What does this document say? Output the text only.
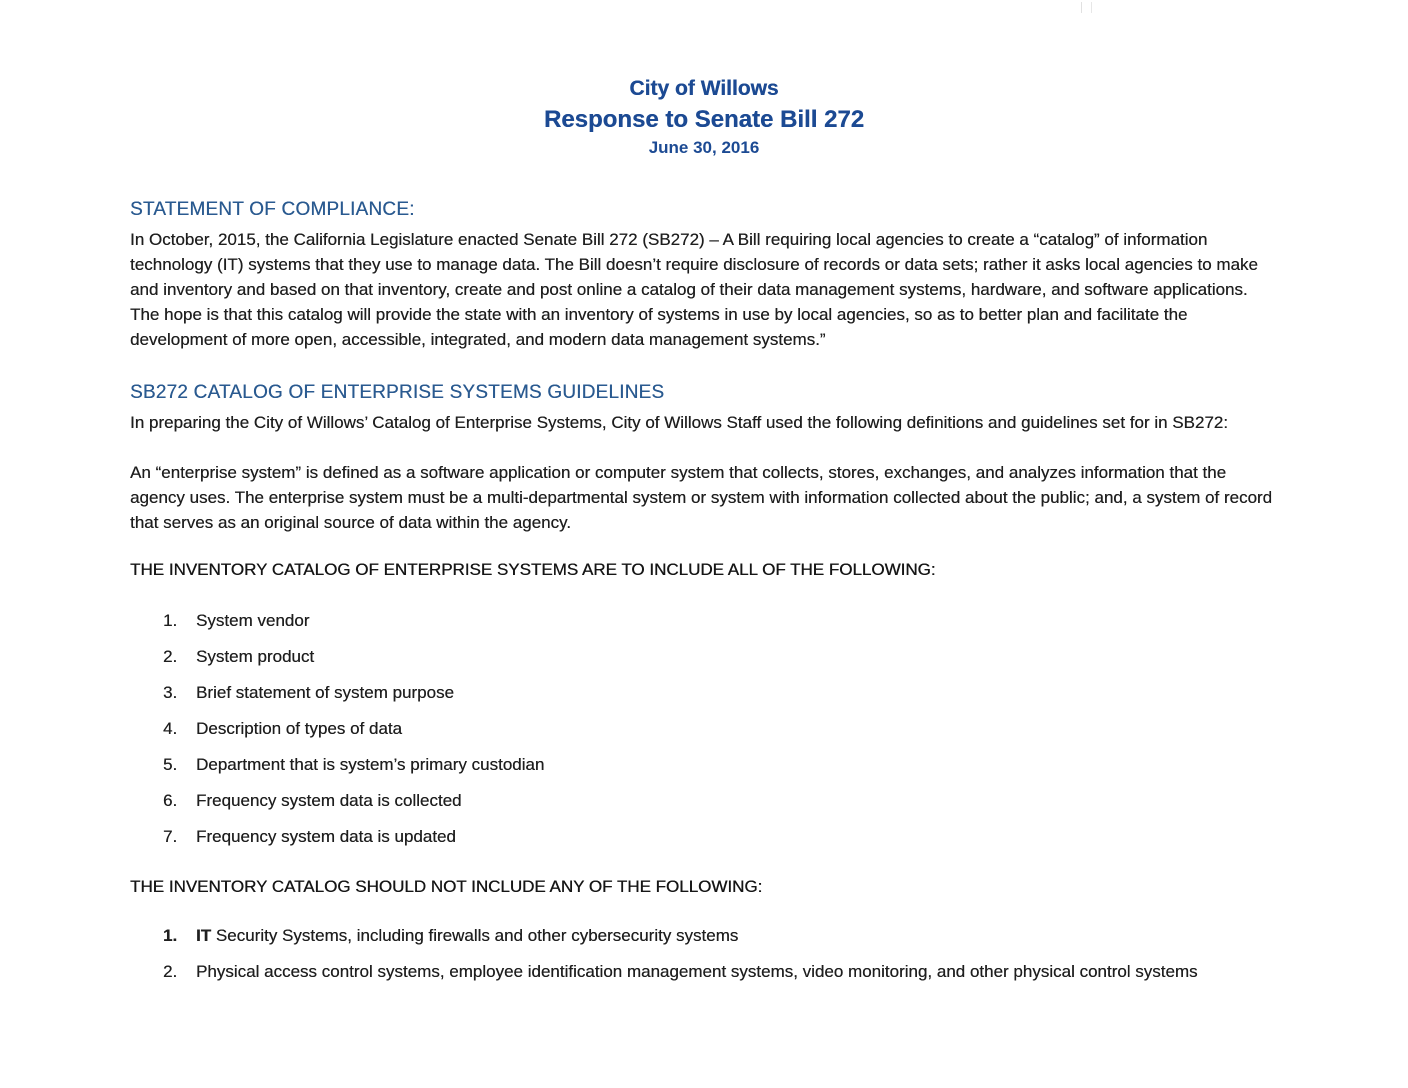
City of Willows
Response to Senate Bill 272
June 30, 2016
STATEMENT OF COMPLIANCE:

In October, 2015, the California Legislature enacted Senate Bill 272 (SB272) – A Bill requiring local agencies to create a “catalog” of information technology (IT) systems that they use to manage data. The Bill doesn’t require disclosure of records or data sets; rather it asks local agencies to make and inventory and based on that inventory, create and post online a catalog of their data management systems, hardware, and software applications. The hope is that this catalog will provide the state with an inventory of systems in use by local agencies, so as to better plan and facilitate the development of more open, accessible, integrated, and modern data management systems.”

SB272 CATALOG OF ENTERPRISE SYSTEMS GUIDELINES

In preparing the City of Willows’ Catalog of Enterprise Systems, City of Willows Staff used the following definitions and guidelines set for in SB272:

An “enterprise system” is defined as a software application or computer system that collects, stores, exchanges, and analyzes information that the agency uses. The enterprise system must be a multi-departmental system or system with information collected about the public; and, a system of record that serves as an original source of data within the agency.

THE INVENTORY CATALOG OF ENTERPRISE SYSTEMS ARE TO INCLUDE ALL OF THE FOLLOWING:

1.	System vendor
2.	System product
3.	Brief statement of system purpose
4.	Description of types of data
5.	Department that is system’s primary custodian
6.	Frequency system data is collected
7.	Frequency system data is updated

THE INVENTORY CATALOG SHOULD NOT INCLUDE ANY OF THE FOLLOWING:

1.	IT Security Systems, including firewalls and other cybersecurity systems
2.	Physical access control systems, employee identification management systems, video monitoring, and other physical control systems
